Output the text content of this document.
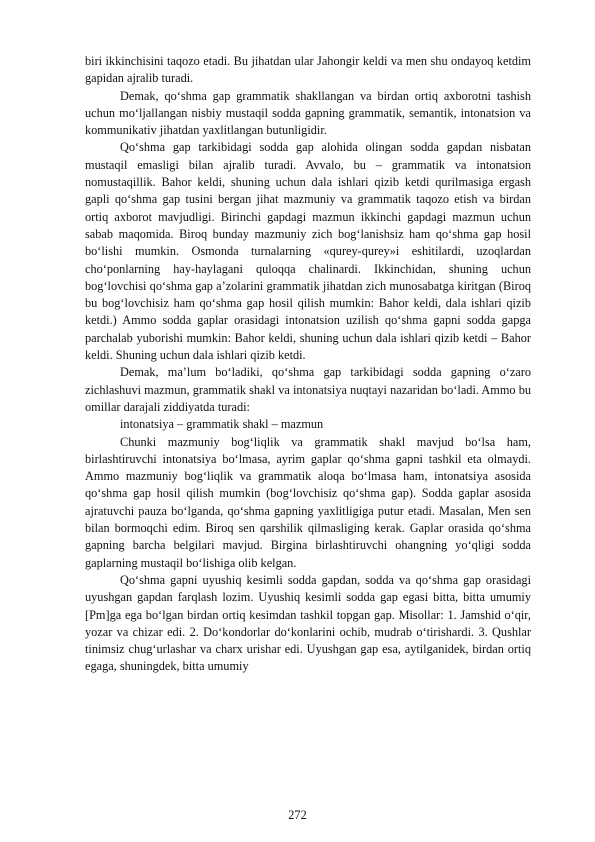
biri ikkinchisini taqozo etadi. Bu jihatdan ular Jahongir keldi va men shu ondayoq ketdim gapidan ajralib turadi.

Demak, qo‘shma gap grammatik shakllangan va birdan ortiq axborotni tashish uchun mo‘ljallangan nisbiy mustaqil sodda gapning grammatik, semantik, intonatsion va kommunikativ jihatdan yaxlitlangan butunligidir.

Qo‘shma gap tarkibidagi sodda gap alohida olingan sodda gapdan nisbatan mustaqil emasligi bilan ajralib turadi. Avvalo, bu – grammatik va intonatsion nomustaqillik. Bahor keldi, shuning uchun dala ishlari qizib ketdi qurilmasiga ergash gapli qo‘shma gap tusini bergan jihat mazmuniy va grammatik taqozo etish va birdan ortiq axborot mavjudligi. Birinchi gapdagi mazmun ikkinchi gapdagi mazmun uchun sabab maqomida. Biroq bunday mazmuniy zich bog‘lanishsiz ham qo‘shma gap hosil bo‘lishi mumkin. Osmonda turnalarning «qurey-qurey»i eshitilardi, uzoqlardan cho‘ponlarning hay-haylagani quloqqa chalinardi. Ikkinchidan, shuning uchun bog‘lovchisi qo‘shma gap a’zolarini grammatik jihatdan zich munosabatga kiritgan (Biroq bu bog‘lovchisiz ham qo‘shma gap hosil qilish mumkin: Bahor keldi, dala ishlari qizib ketdi.) Ammo sodda gaplar orasidagi intonatsion uzilish qo‘shma gapni sodda gapga parchalab yuborishi mumkin: Bahor keldi, shuning uchun dala ishlari qizib ketdi – Bahor keldi. Shuning uchun dala ishlari qizib ketdi.

Demak, ma’lum bo‘ladiki, qo‘shma gap tarkibidagi sodda gapning o‘zaro zichlashuvi mazmun, grammatik shakl va intonatsiya nuqtayi nazaridan bo‘ladi. Ammo bu omillar darajali ziddiyatda turadi:

intonatsiya – grammatik shakl – mazmun

Chunki mazmuniy bog‘liqlik va grammatik shakl mavjud bo‘lsa ham, birlashtiruvchi intonatsiya bo‘lmasa, ayrim gaplar qo‘shma gapni tashkil eta olmaydi. Ammo mazmuniy bog‘liqlik va grammatik aloqa bo‘lmasa ham, intonatsiya asosida qo‘shma gap hosil qilish mumkin (bog‘lovchisiz qo‘shma gap). Sodda gaplar asosida ajratuvchi pauza bo‘lganda, qo‘shma gapning yaxlitligiga putur etadi. Masalan, Men sen bilan bormoqchi edim. Biroq sen qarshilik qilmasliging kerak. Gaplar orasida qo‘shma gapning barcha belgilari mavjud. Birgina birlashtiruvchi ohangning yo‘qligi sodda gaplarning mustaqil bo‘lishiga olib kelgan.

Qo‘shma gapni uyushiq kesimli sodda gapdan, sodda va qo‘shma gap orasidagi uyushgan gapdan farqlash lozim. Uyushiq kesimli sodda gap egasi bitta, bitta umumiy [Pm]ga ega bo‘lgan birdan ortiq kesimdan tashkil topgan gap. Misollar: 1. Jamshid o‘qir, yozar va chizar edi. 2. Do‘kondorlar do‘konlarini ochib, mudrab o‘tirishardi. 3. Qushlar tinimsiz chug‘urlashar va charx urishar edi. Uyushgan gap esa, aytilganidek, birdan ortiq egaga, shuningdek, bitta umumiy

272
